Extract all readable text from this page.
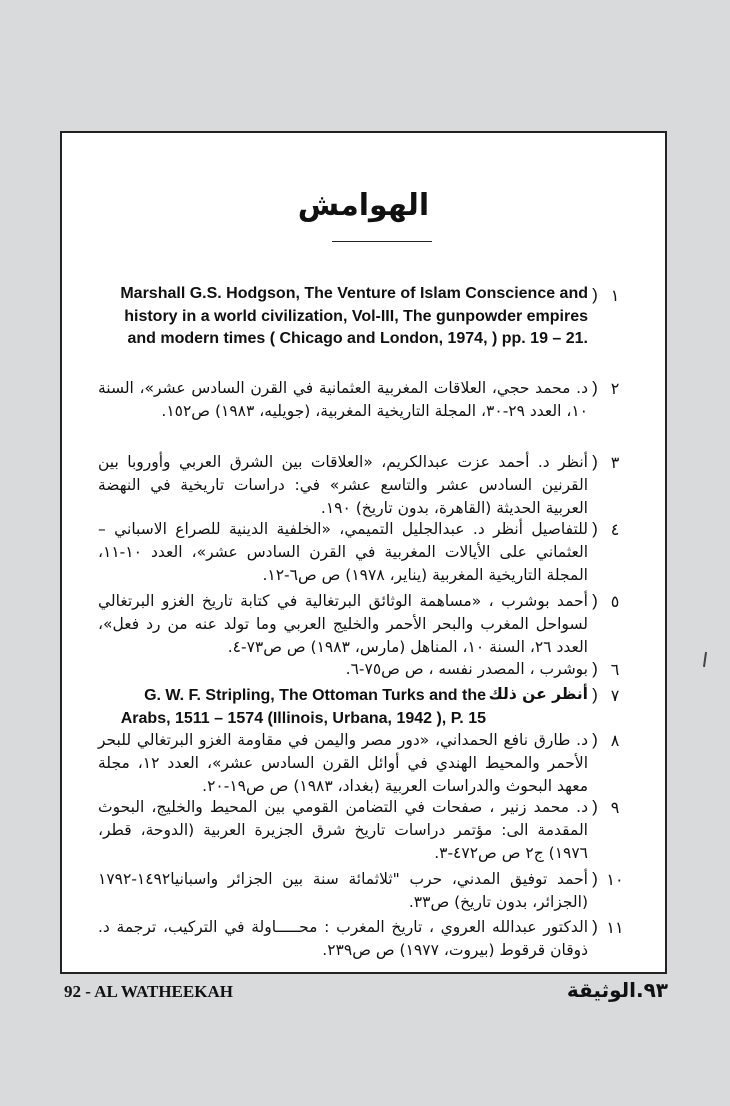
الهوامش
١
)
Marshall G.S. Hodgson, The Venture of Islam Conscience and history in a world civilization, Vol-III, The gunpowder empires and modern times ( Chicago and London, 1974, ) pp. 19 – 21.
٢
)
د. محمد حجي، العلاقات المغربية العثمانية في القرن السادس عشر»، السنة ١٠، العدد ٢٩-٣٠، المجلة التاريخية المغربية، (جويليه، ١٩٨٣) ص١٥٢.
٣
)
أنظر د. أحمد عزت عبدالكريم، «العلاقات بين الشرق العربي وأوروبا بين القرنين السادس عشر والتاسع عشر» في: دراسات تاريخية في النهضة العربية الحديثة (القاهرة، بدون تاريخ) ١٩٠.
٤
)
للتفاصيل أنظر د. عبدالجليل التميمي، «الخلفية الدينية للصراع الاسباني – العثماني على الأيالات المغربية في القرن السادس عشر»، العدد ١٠-١١، المجلة التاريخية المغربية (يناير، ١٩٧٨) ص ص٦-١٢.
٥
)
أحمد بوشرب ، «مساهمة الوثائق البرتغالية في كتابة تاريخ الغزو البرتغالي لسواحل المغرب والبحر الأحمر والخليج العربي وما تولد عنه من رد فعل»، العدد ٢٦، السنة ١٠، المناهل (مارس، ١٩٨٣) ص ص٧٣-٤.
٦
)
بوشرب ، المصدر نفسه ، ص ص٧٥-٦.
٧
)
أنظر عن ذلك
G. W. F. Stripling, The Ottoman Turks and the Arabs, 1511 – 1574 (Illinois, Urbana, 1942 ), P. 15
٨
)
د. طارق نافع الحمداني، «دور مصر واليمن في مقاومة الغزو البرتغالي للبحر الأحمر والمحيط الهندي في أوائل القرن السادس عشر»، العدد ١٢، مجلة معهد البحوث والدراسات العربية (بغداد، ١٩٨٣) ص ص١٩-٢٠.
٩
)
د. محمد زنير ، صفحات في التضامن القومي بين المحيط والخليج، البحوث المقدمة الى: مؤتمر دراسات تاريخ شرق الجزيرة العربية (الدوحة، قطر، ١٩٧٦) ج٢ ص ص٤٧٢-٣.
١٠
)
أحمد توفيق المدني، حرب "ثلاثمائة سنة بين الجزائر واسبانيا١٤٩٢-١٧٩٢ (الجزائر، بدون تاريخ) ص٣٣.
١١
)
الدكتور عبدالله العروي ، تاريخ المغرب : محـــــاولة في التركيب، ترجمة د. ذوقان قرقوط (بيروت، ١٩٧٧) ص ص٢٣٩.
92 - AL WATHEEKAH	٩٣.الوثيقة
